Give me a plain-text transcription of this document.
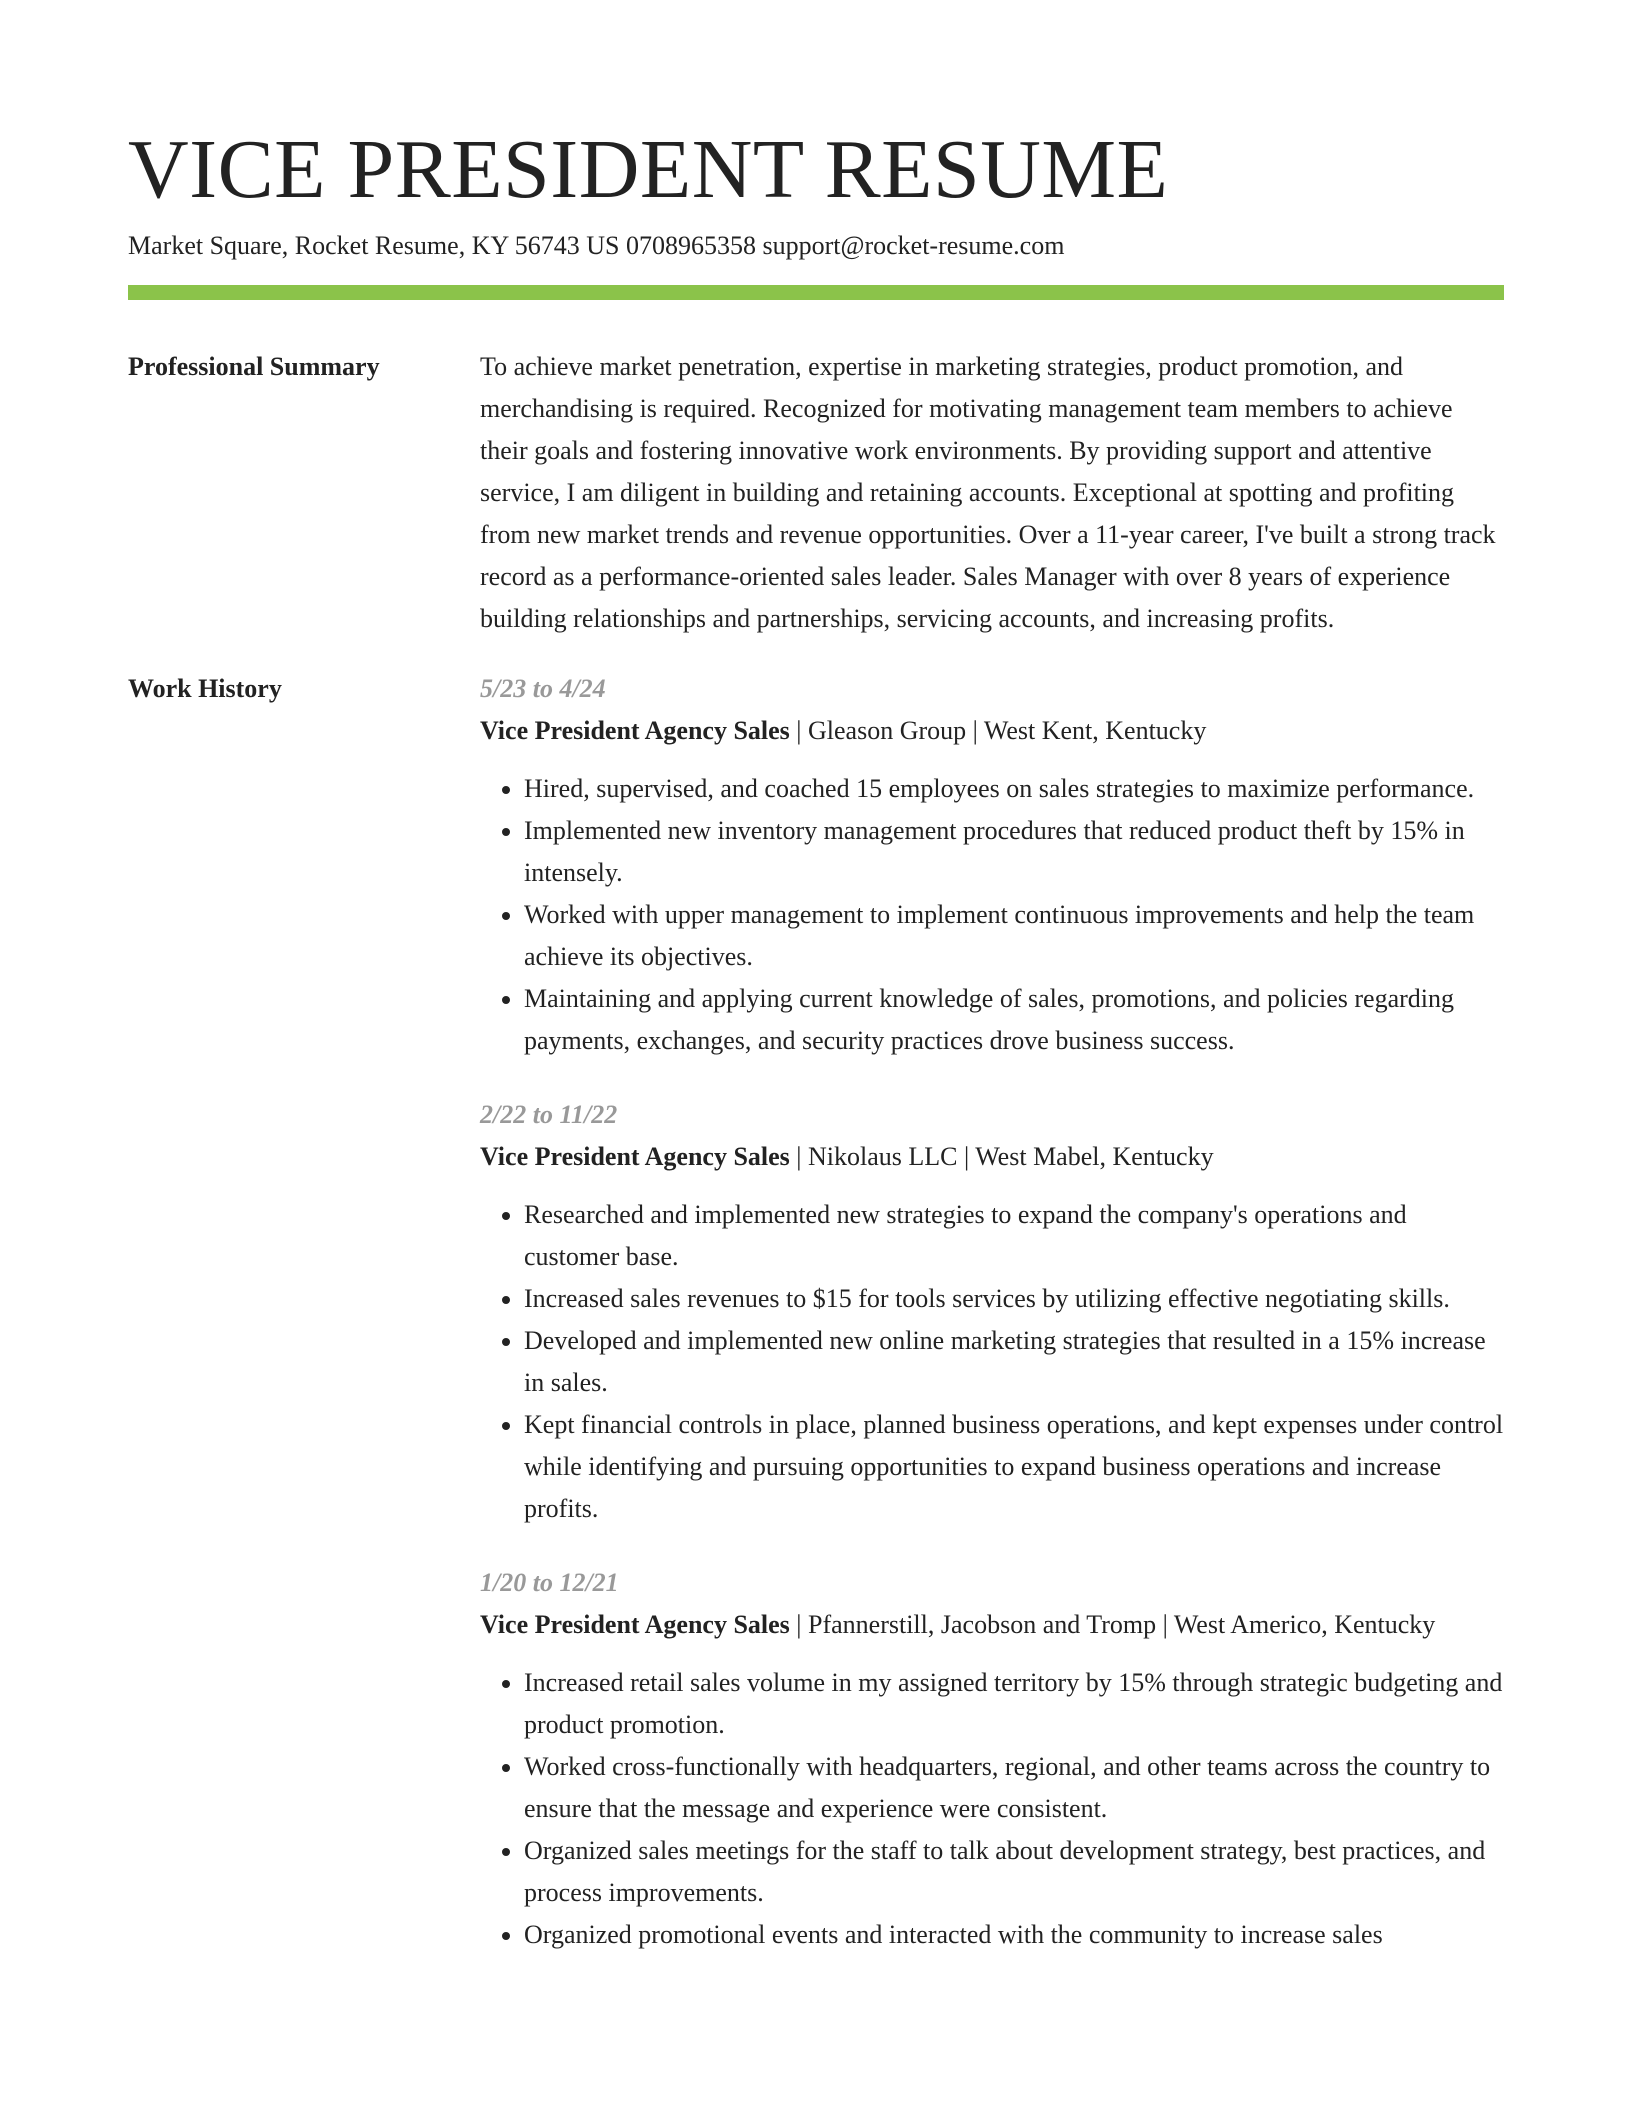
VICE PRESIDENT RESUME
Market Square, Rocket Resume, KY 56743 US 0708965358 support@rocket-resume.com
Professional Summary	To achieve market penetration, expertise in marketing strategies, product promotion, and merchandising is required. Recognized for motivating management team members to achieve their goals and fostering innovative work environments. By providing support and attentive service, I am diligent in building and retaining accounts. Exceptional at spotting and profiting from new market trends and revenue opportunities. Over a 11-year career, I've built a strong track record as a performance-oriented sales leader. Sales Manager with over 8 years of experience building relationships and partnerships, servicing accounts, and increasing profits.

Work History	5/23 to 4/24
Vice President Agency Sales | Gleason Group | West Kent, Kentucky
• Hired, supervised, and coached 15 employees on sales strategies to maximize performance.
• Implemented new inventory management procedures that reduced product theft by 15% in intensely.
• Worked with upper management to implement continuous improvements and help the team achieve its objectives.
• Maintaining and applying current knowledge of sales, promotions, and policies regarding payments, exchanges, and security practices drove business success.
2/22 to 11/22
Vice President Agency Sales | Nikolaus LLC | West Mabel, Kentucky
• Researched and implemented new strategies to expand the company's operations and customer base.
• Increased sales revenues to $15 for tools services by utilizing effective negotiating skills.
• Developed and implemented new online marketing strategies that resulted in a 15% increase in sales.
• Kept financial controls in place, planned business operations, and kept expenses under control while identifying and pursuing opportunities to expand business operations and increase profits.
1/20 to 12/21
Vice President Agency Sales | Pfannerstill, Jacobson and Tromp | West Americo, Kentucky
• Increased retail sales volume in my assigned territory by 15% through strategic budgeting and product promotion.
• Worked cross-functionally with headquarters, regional, and other teams across the country to ensure that the message and experience were consistent.
• Organized sales meetings for the staff to talk about development strategy, best practices, and process improvements.
• Organized promotional events and interacted with the community to increase sales
